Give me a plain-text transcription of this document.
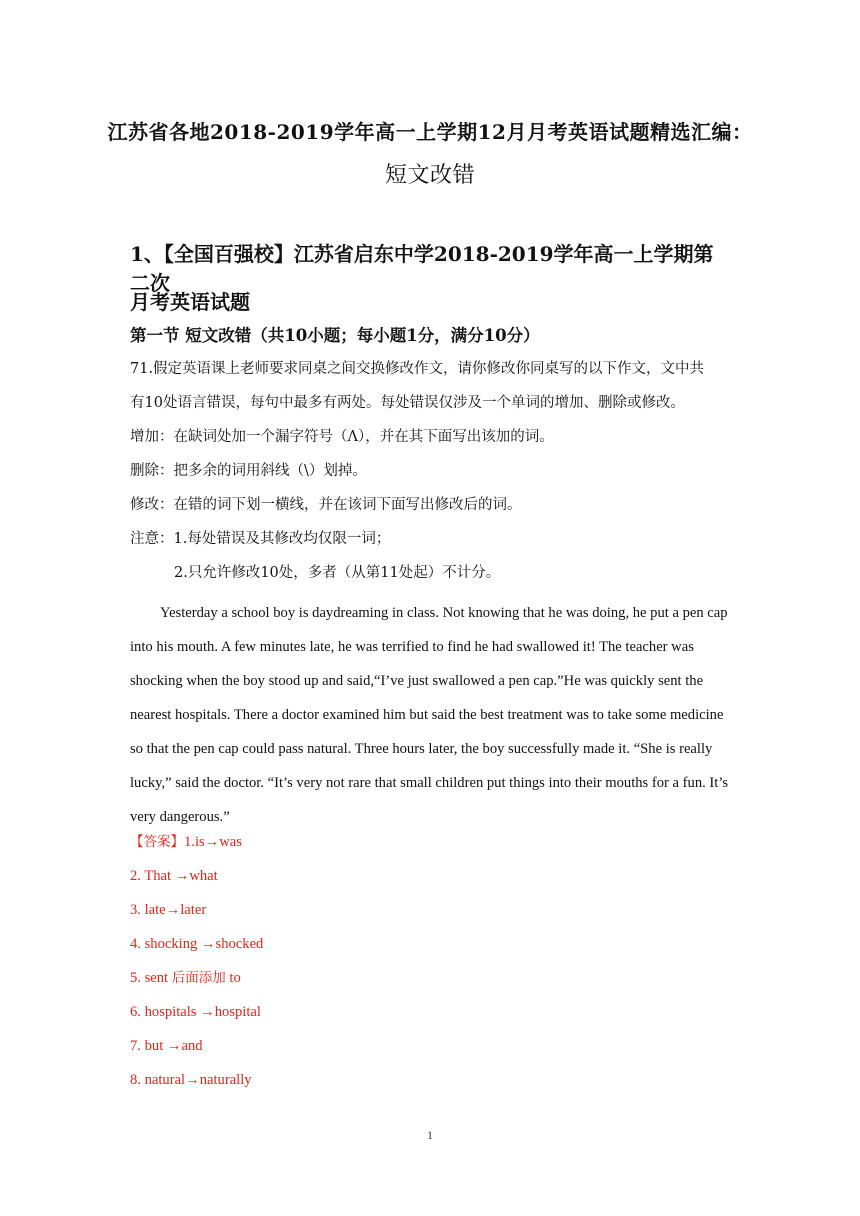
江苏省各地2018-2019学年高一上学期12月月考英语试题精选汇编：
短文改错
1、【全国百强校】江苏省启东中学2018-2019学年高一上学期第二次
月考英语试题
第一节 短文改错（共10小题；每小题1分，满分10分）
71.假定英语课上老师要求同桌之间交换修改作文，请你修改你同桌写的以下作文，文中共
有10处语言错误，每句中最多有两处。每处错误仅涉及一个单词的增加、删除或修改。
增加：在缺词处加一个漏字符号（Λ），并在其下面写出该加的词。
删除：把多余的词用斜线（\）划掉。
修改：在错的词下划一横线，并在该词下面写出修改后的词。
注意：1.每处错误及其修改均仅限一词；
2.只允许修改10处，多者（从第11处起）不计分。
Yesterday a school boy is daydreaming in class. Not knowing that he was doing, he put a pen cap into his mouth. A few minutes late, he was terrified to find he had swallowed it! The teacher was shocking when the boy stood up and said,“I’ve just swallowed a pen cap.”He was quickly sent the nearest hospitals. There a doctor examined him but said the best treatment was to take some medicine so that the pen cap could pass natural. Three hours later, the boy successfully made it. “She is really lucky,” said the doctor. “It’s very not rare that small children put things into their mouths for a fun. It’s very dangerous.”
【答案】1.is→was
2. That →what
3. late→later
4. shocking →shocked
5. sent 后面添加 to
6. hospitals →hospital
7. but →and
8. natural→naturally
1
